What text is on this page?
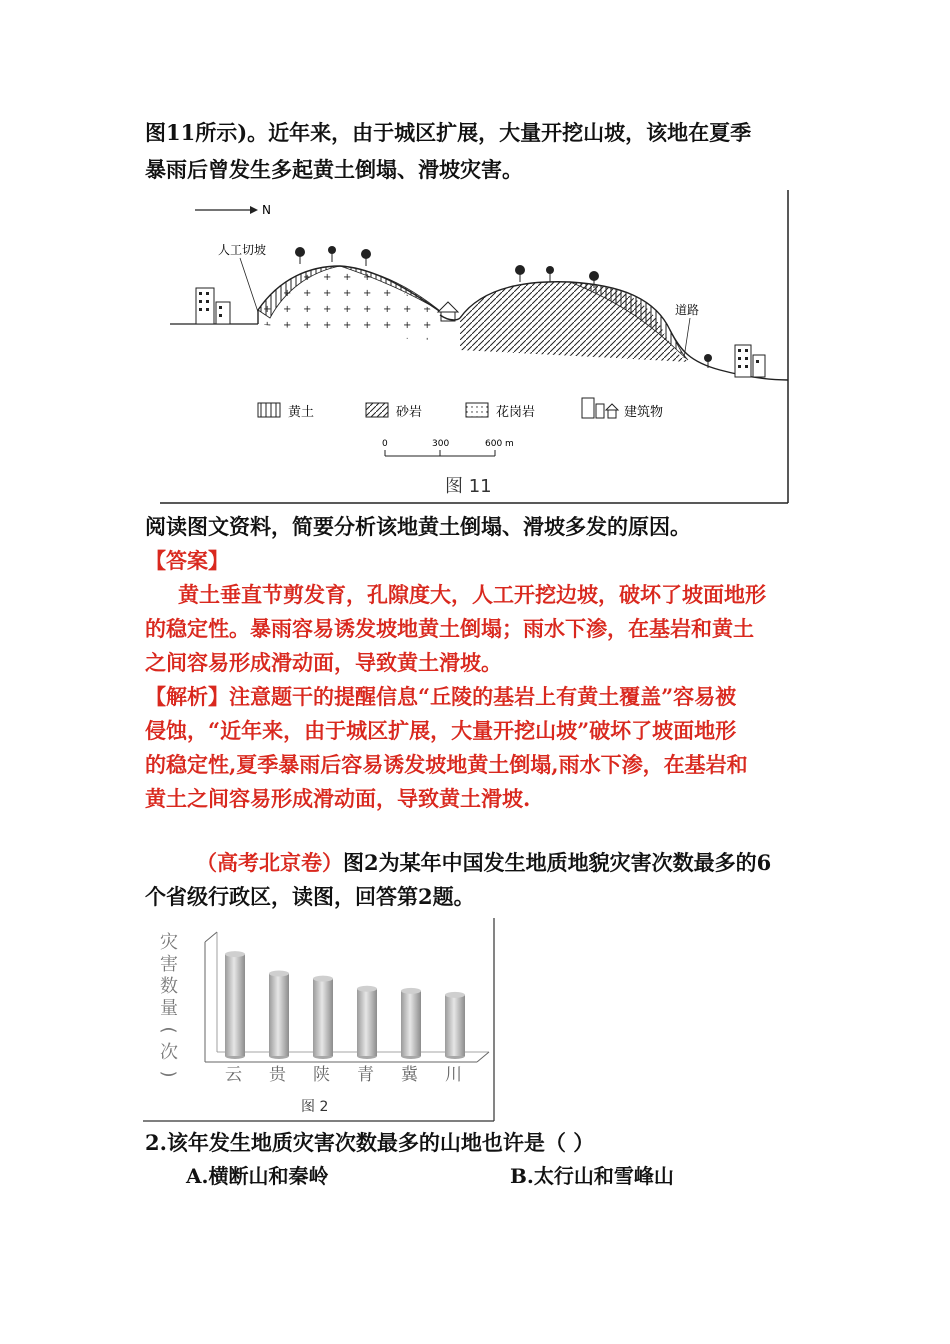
图11所示)。近年来，由于城区扩展，大量开挖山坡，该地在夏季
暴雨后曾发生多起黄土倒塌、滑坡灾害。
N
人工切坡
道路
黄土	砂岩	花岗岩	建筑物
0	300	600 m
图 11
阅读图文资料，简要分析该地黄土倒塌、滑坡多发的原因。
【答案】
黄土垂直节剪发育，孔隙度大，人工开挖边坡，破坏了坡面地形
的稳定性。暴雨容易诱发坡地黄土倒塌；雨水下渗，在基岩和黄土
之间容易形成滑动面，导致黄土滑坡。
【解析】注意题干的提醒信息“丘陵的基岩上有黄土覆盖”容易被
侵蚀，“近年来，由于城区扩展，大量开挖山坡”破坏了坡面地形
的稳定性,夏季暴雨后容易诱发坡地黄土倒塌,雨水下渗，在基岩和
黄土之间容易形成滑动面，导致黄土滑坡.
（高考北京卷）图2为某年中国发生地质地貌灾害次数最多的6
个省级行政区，读图，回答第2题。
灾
害
数
量
(
次
)	云 贵 陕 青 冀 川
图 2
2.该年发生地质灾害次数最多的山地也许是（ ）
A.横断山和秦岭	B.太行山和雪峰山
